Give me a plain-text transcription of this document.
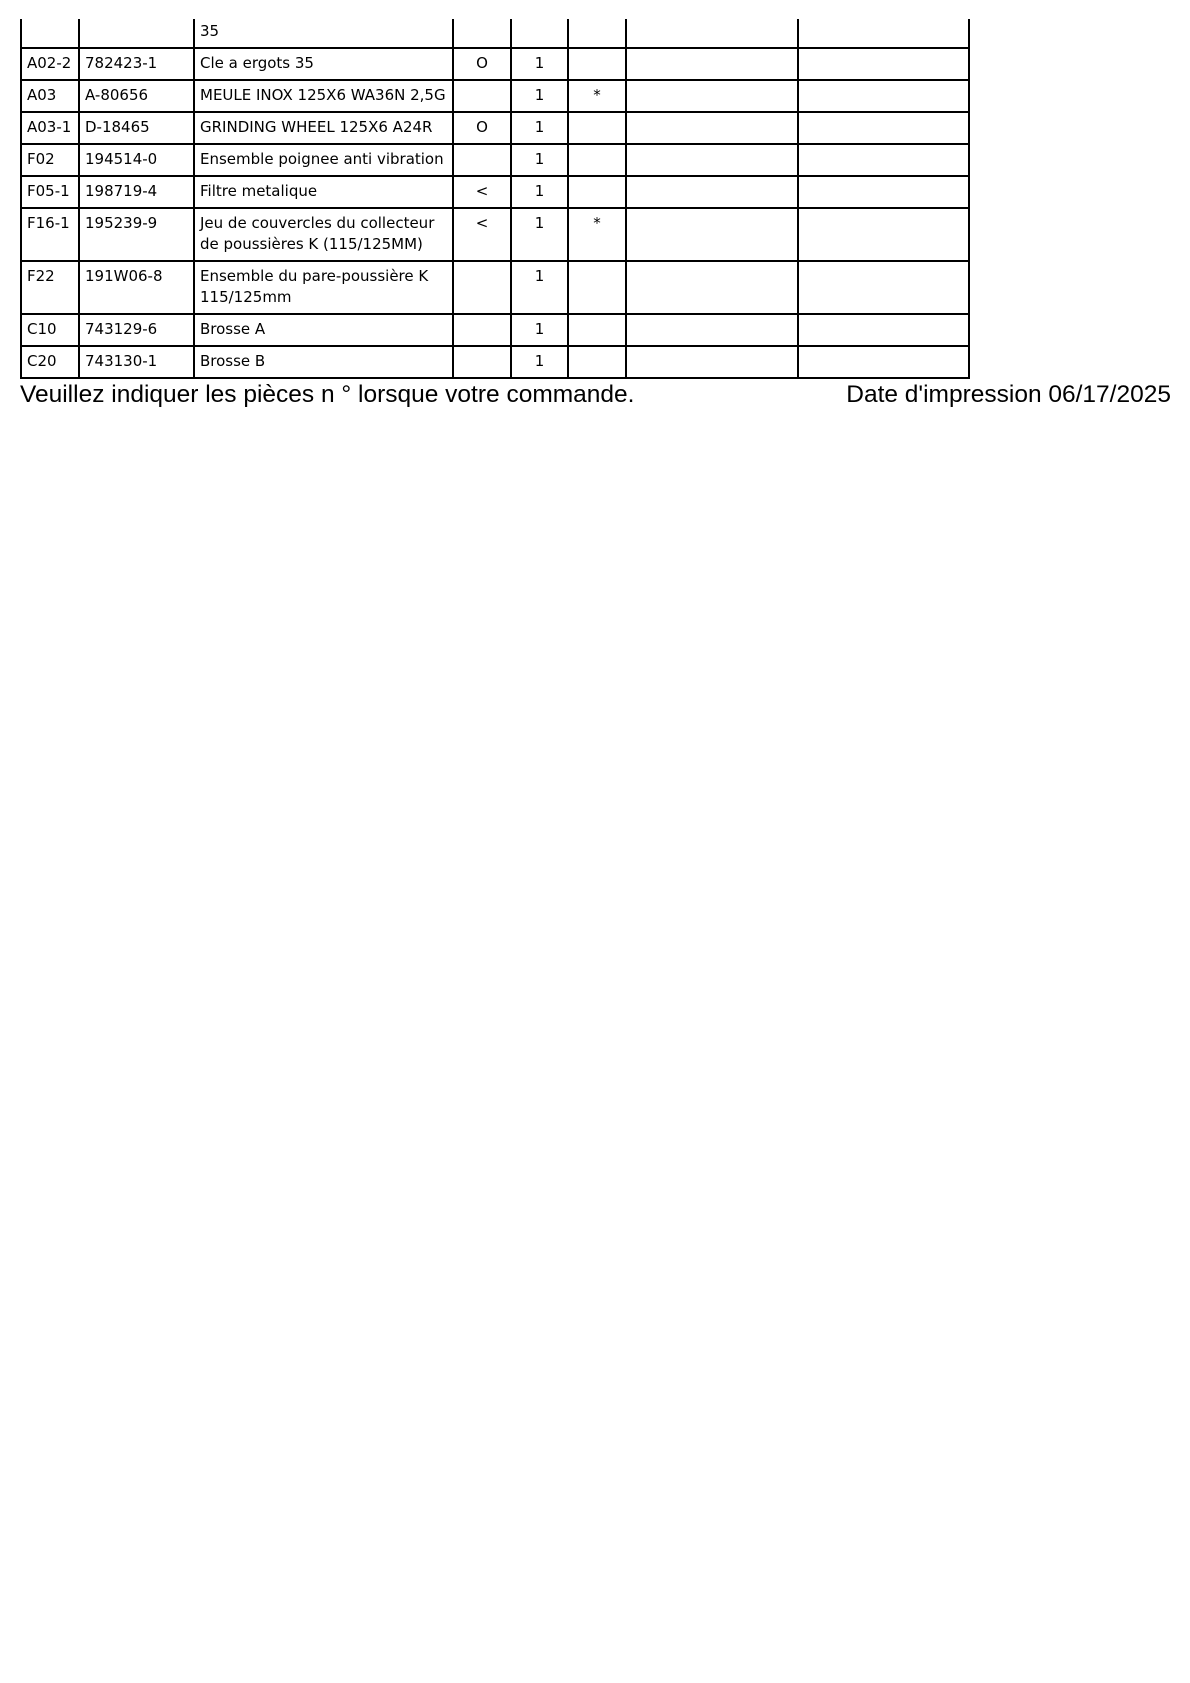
		35					
A02-2	782423-1	Cle a ergots 35	O	1			
A03	A-80656	MEULE INOX 125X6 WA36N 2,5G		1	*		
A03-1	D-18465	GRINDING WHEEL 125X6 A24R	O	1			
F02	194514-0	Ensemble poignee anti vibration		1			
F05-1	198719-4	Filtre metalique	<	1			
F16-1	195239-9	Jeu de couvercles du collecteur de poussières K (115/125MM)	<	1	*		
F22	191W06-8	Ensemble du pare-poussière K 115/125mm		1			
C10	743129-6	Brosse A		1			
C20	743130-1	Brosse B		1			
Veuillez indiquer les pièces n ° lorsque votre commande.	Date d'impression 06/17/2025
